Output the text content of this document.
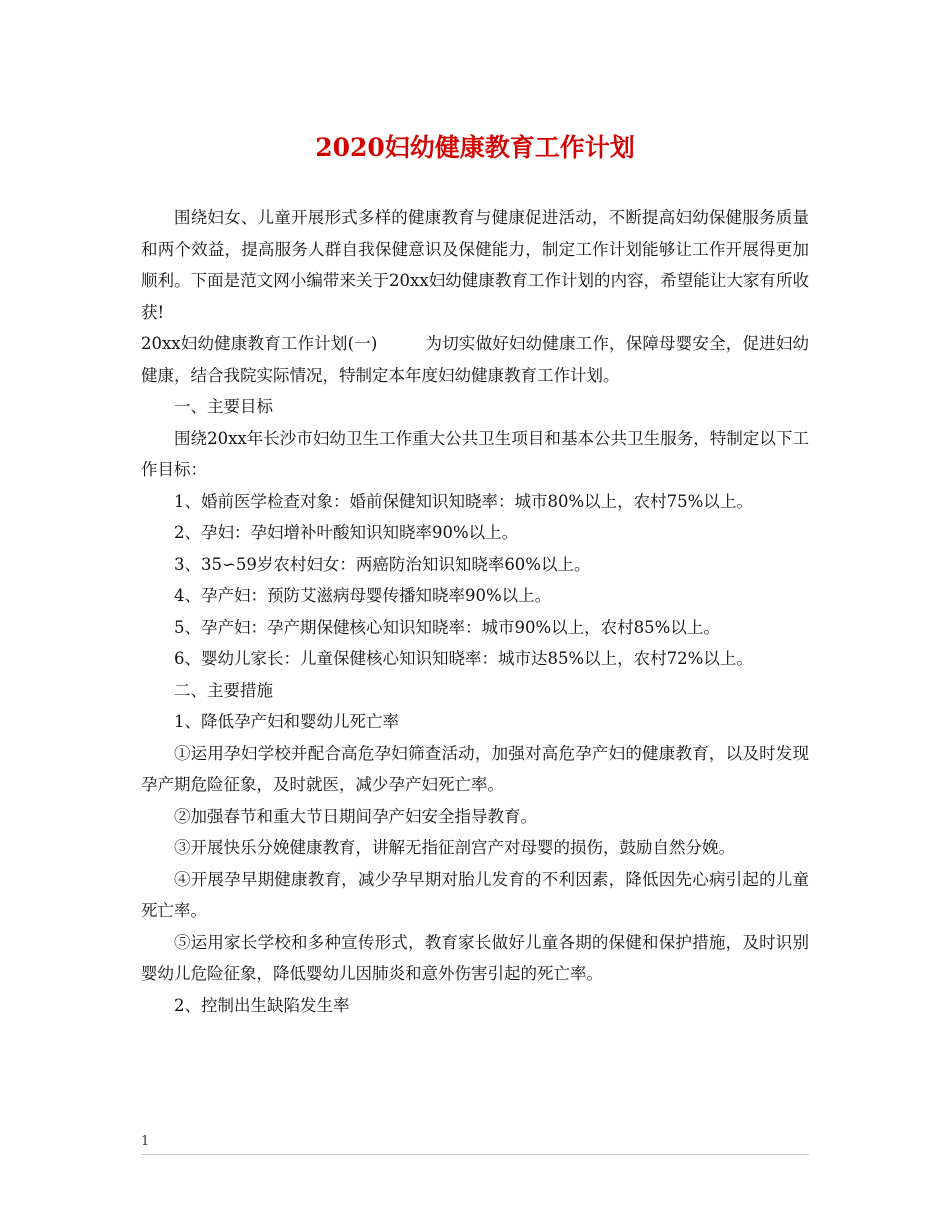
2020妇幼健康教育工作计划

围绕妇女、儿童开展形式多样的健康教育与健康促进活动，不断提高妇幼保健服务质量和两个效益，提高服务人群自我保健意识及保健能力，制定工作计划能够让工作开展得更加顺利。下面是范文网小编带来关于20xx妇幼健康教育工作计划的内容，希望能让大家有所收获!

20xx妇幼健康教育工作计划(一)	为切实做好妇幼健康工作，保障母婴安全，促进妇幼健康，结合我院实际情况，特制定本年度妇幼健康教育工作计划。

一、主要目标

围绕20xx年长沙市妇幼卫生工作重大公共卫生项目和基本公共卫生服务，特制定以下工作目标：

1、婚前医学检查对象：婚前保健知识知晓率：城市80%以上，农村75%以上。

2、孕妇：孕妇增补叶酸知识知晓率90%以上。

3、35∽59岁农村妇女：两癌防治知识知晓率60%以上。

4、孕产妇：预防艾滋病母婴传播知晓率90%以上。

5、孕产妇：孕产期保健核心知识知晓率：城市90%以上，农村85%以上。

6、婴幼儿家长：儿童保健核心知识知晓率：城市达85%以上，农村72%以上。

二、主要措施

1、降低孕产妇和婴幼儿死亡率

①运用孕妇学校并配合高危孕妇筛查活动，加强对高危孕产妇的健康教育，以及时发现孕产期危险征象，及时就医，减少孕产妇死亡率。

②加强春节和重大节日期间孕产妇安全指导教育。

③开展快乐分娩健康教育，讲解无指征剖宫产对母婴的损伤，鼓励自然分娩。

④开展孕早期健康教育，减少孕早期对胎儿发育的不利因素，降低因先心病引起的儿童死亡率。

⑤运用家长学校和多种宣传形式，教育家长做好儿童各期的保健和保护措施，及时识别婴幼儿危险征象，降低婴幼儿因肺炎和意外伤害引起的死亡率。

2、控制出生缺陷发生率

1
